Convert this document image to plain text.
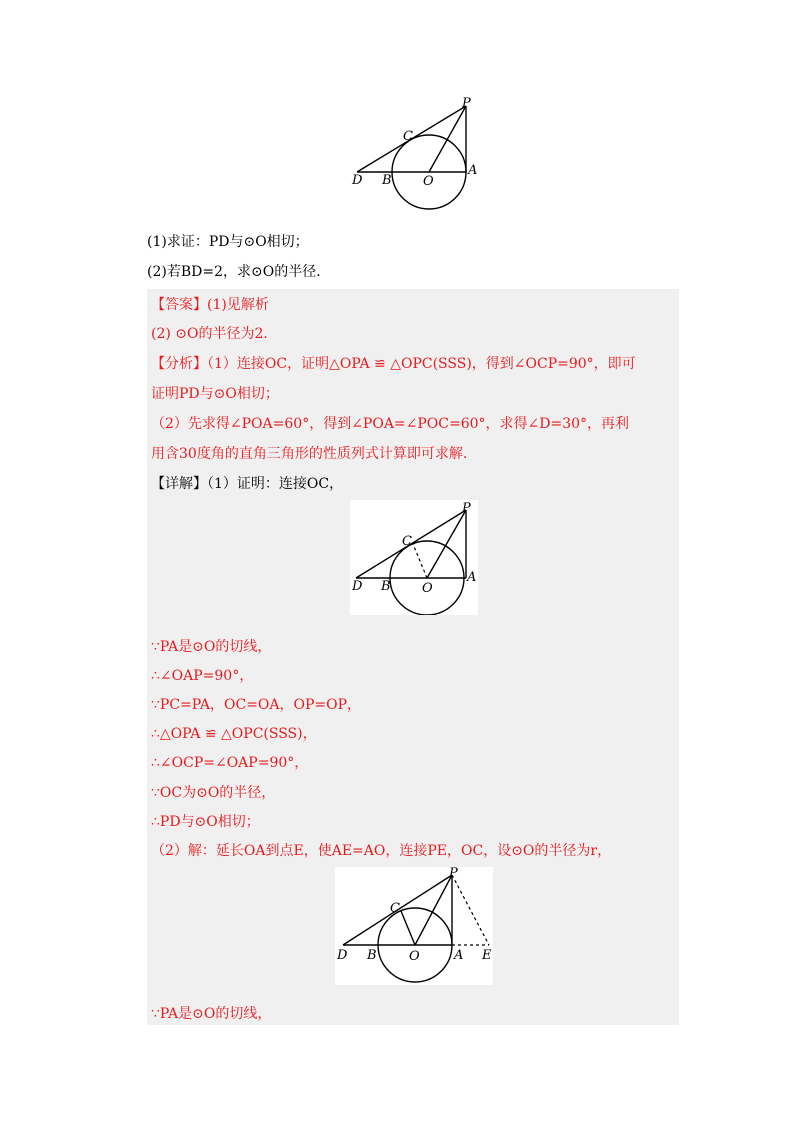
P
C
A
D B O
(1)求证：PD与⊙O相切；
(2)若BD=2，求⊙O的半径．
【答案】(1)见解析
(2) ⊙O的半径为2．
【分析】（1）连接OC，证明△OPA ≌ △OPC(SSS)，得到∠OCP=90°，即可
证明PD与⊙O相切；
（2）先求得∠POA=60°，得到∠POA=∠POC=60°，求得∠D=30°，再利
用含30度角的直角三角形的性质列式计算即可求解．
【详解】（1）证明：连接OC，
P
C
A
D B O
∵PA是⊙O的切线，
∴∠OAP=90°，
∵PC=PA，OC=OA，OP=OP，
∴△OPA ≌ △OPC(SSS)，
∴∠OCP=∠OAP=90°，
∵OC为⊙O的半径，
∴PD与⊙O相切；
（2）解：延长OA到点E，使AE=AO，连接PE，OC，设⊙O的半径为r，
P
C
A
D B O	E
∵PA是⊙O的切线，
